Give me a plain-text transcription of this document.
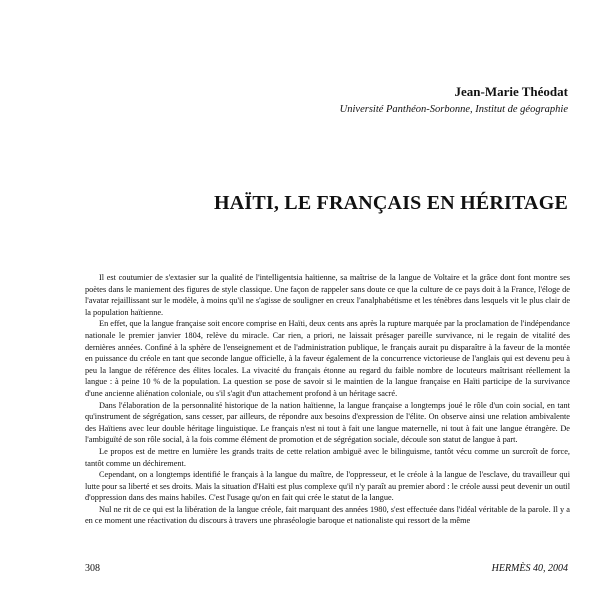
Jean-Marie Théodat
Université Panthéon-Sorbonne, Institut de géographie
HAÏTI, LE FRANÇAIS EN HÉRITAGE

Il est coutumier de s'extasier sur la qualité de l'intelligentsia haïtienne, sa maîtrise de la langue de Voltaire et la grâce dont font montre ses poètes dans le maniement des figures de style classique. Une façon de rappeler sans doute ce que la culture de ce pays doit à la France, l'éloge de l'avatar rejaillissant sur le modèle, à moins qu'il ne s'agisse de souligner en creux l'analphabétisme et les ténèbres dans lesquels vit le plus clair de la population haïtienne.

En effet, que la langue française soit encore comprise en Haïti, deux cents ans après la rupture marquée par la proclamation de l'indépendance nationale le premier janvier 1804, relève du miracle. Car rien, a priori, ne laissait présager pareille survivance, ni le regain de vitalité des dernières années. Confiné à la sphère de l'enseignement et de l'administration publique, le français aurait pu disparaître à la faveur de la montée en puissance du créole en tant que seconde langue officielle, à la faveur également de la concurrence victorieuse de l'anglais qui est devenu peu à peu la langue de référence des élites locales. La vivacité du français étonne au regard du faible nombre de locuteurs maîtrisant réellement la langue : à peine 10 % de la population. La question se pose de savoir si le maintien de la langue française en Haïti participe de la survivance d'une ancienne aliénation coloniale, ou s'il s'agit d'un attachement profond à un héritage sacré.

Dans l'élaboration de la personnalité historique de la nation haïtienne, la langue française a longtemps joué le rôle d'un coin social, en tant qu'instrument de ségrégation, sans cesser, par ailleurs, de répondre aux besoins d'expression de l'élite. On observe ainsi une relation ambivalente des Haïtiens avec leur double héritage linguistique. Le français n'est ni tout à fait une langue maternelle, ni tout à fait une langue étrangère. De l'ambiguïté de son rôle social, à la fois comme élément de promotion et de ségrégation sociale, découle son statut de langue à part.

Le propos est de mettre en lumière les grands traits de cette relation ambiguë avec le bilinguisme, tantôt vécu comme un surcroît de force, tantôt comme un déchirement.

Cependant, on a longtemps identifié le français à la langue du maître, de l'oppresseur, et le créole à la langue de l'esclave, du travailleur qui lutte pour sa liberté et ses droits. Mais la situation d'Haïti est plus complexe qu'il n'y paraît au premier abord : le créole aussi peut devenir un outil d'oppression dans des mains habiles. C'est l'usage qu'on en fait qui crée le statut de la langue.

Nul ne rit de ce qui est la libération de la langue créole, fait marquant des années 1980, s'est effectuée dans l'idéal véritable de la parole. Il y a en ce moment une réactivation du discours à travers une phraséologie baroque et nationaliste qui ressort de la même

308	HERMÈS 40, 2004
